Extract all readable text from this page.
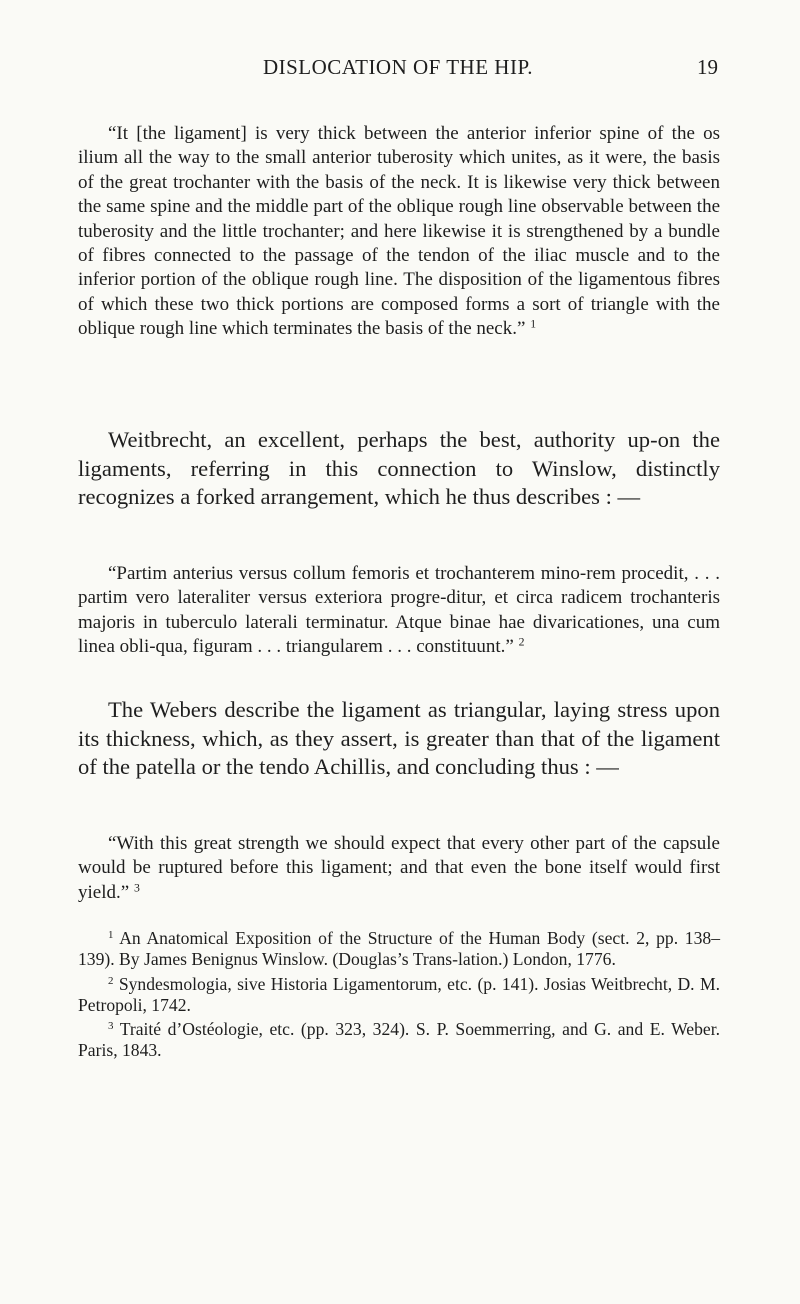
DISLOCATION OF THE HIP.	19

“It [the ligament] is very thick between the anterior inferior spine of the os ilium all the way to the small anterior tuberosity which unites, as it were, the basis of the great trochanter with the basis of the neck. It is likewise very thick between the same spine and the middle part of the oblique rough line observable between the tuberosity and the little trochanter; and here likewise it is strengthened by a bundle of fibres connected to the passage of the tendon of the iliac muscle and to the inferior portion of the oblique rough line. The disposition of the ligamentous fibres of which these two thick portions are composed forms a sort of triangle with the oblique rough line which terminates the basis of the neck.” $^1$

Weitbrecht, an excellent, perhaps the best, authority up-on the ligaments, referring in this connection to Winslow, distinctly recognizes a forked arrangement, which he thus describes : —

“Partim anterius versus collum femoris et trochanterem mino-rem procedit, . . . partim vero lateraliter versus exteriora progre-ditur, et circa radicem trochanteris majoris in tuberculo laterali terminatur. Atque binae hae divaricationes, una cum linea obli-qua, figuram . . . triangularem . . . constituunt.” $^2$

The Webers describe the ligament as triangular, laying stress upon its thickness, which, as they assert, is greater than that of the ligament of the patella or the tendo Achillis, and concluding thus : —

“With this great strength we should expect that every other part of the capsule would be ruptured before this ligament; and that even the bone itself would first yield.” $^3$

$^1$ An Anatomical Exposition of the Structure of the Human Body (sect. 2, pp. 138–139). By James Benignus Winslow. (Douglas’s Trans-lation.) London, 1776.

$^2$ Syndesmologia, sive Historia Ligamentorum, etc. (p. 141). Josias Weitbrecht, D. M. Petropoli, 1742.

$^3$ Traité d’Ostéologie, etc. (pp. 323, 324). S. P. Soemmerring, and G. and E. Weber. Paris, 1843.
